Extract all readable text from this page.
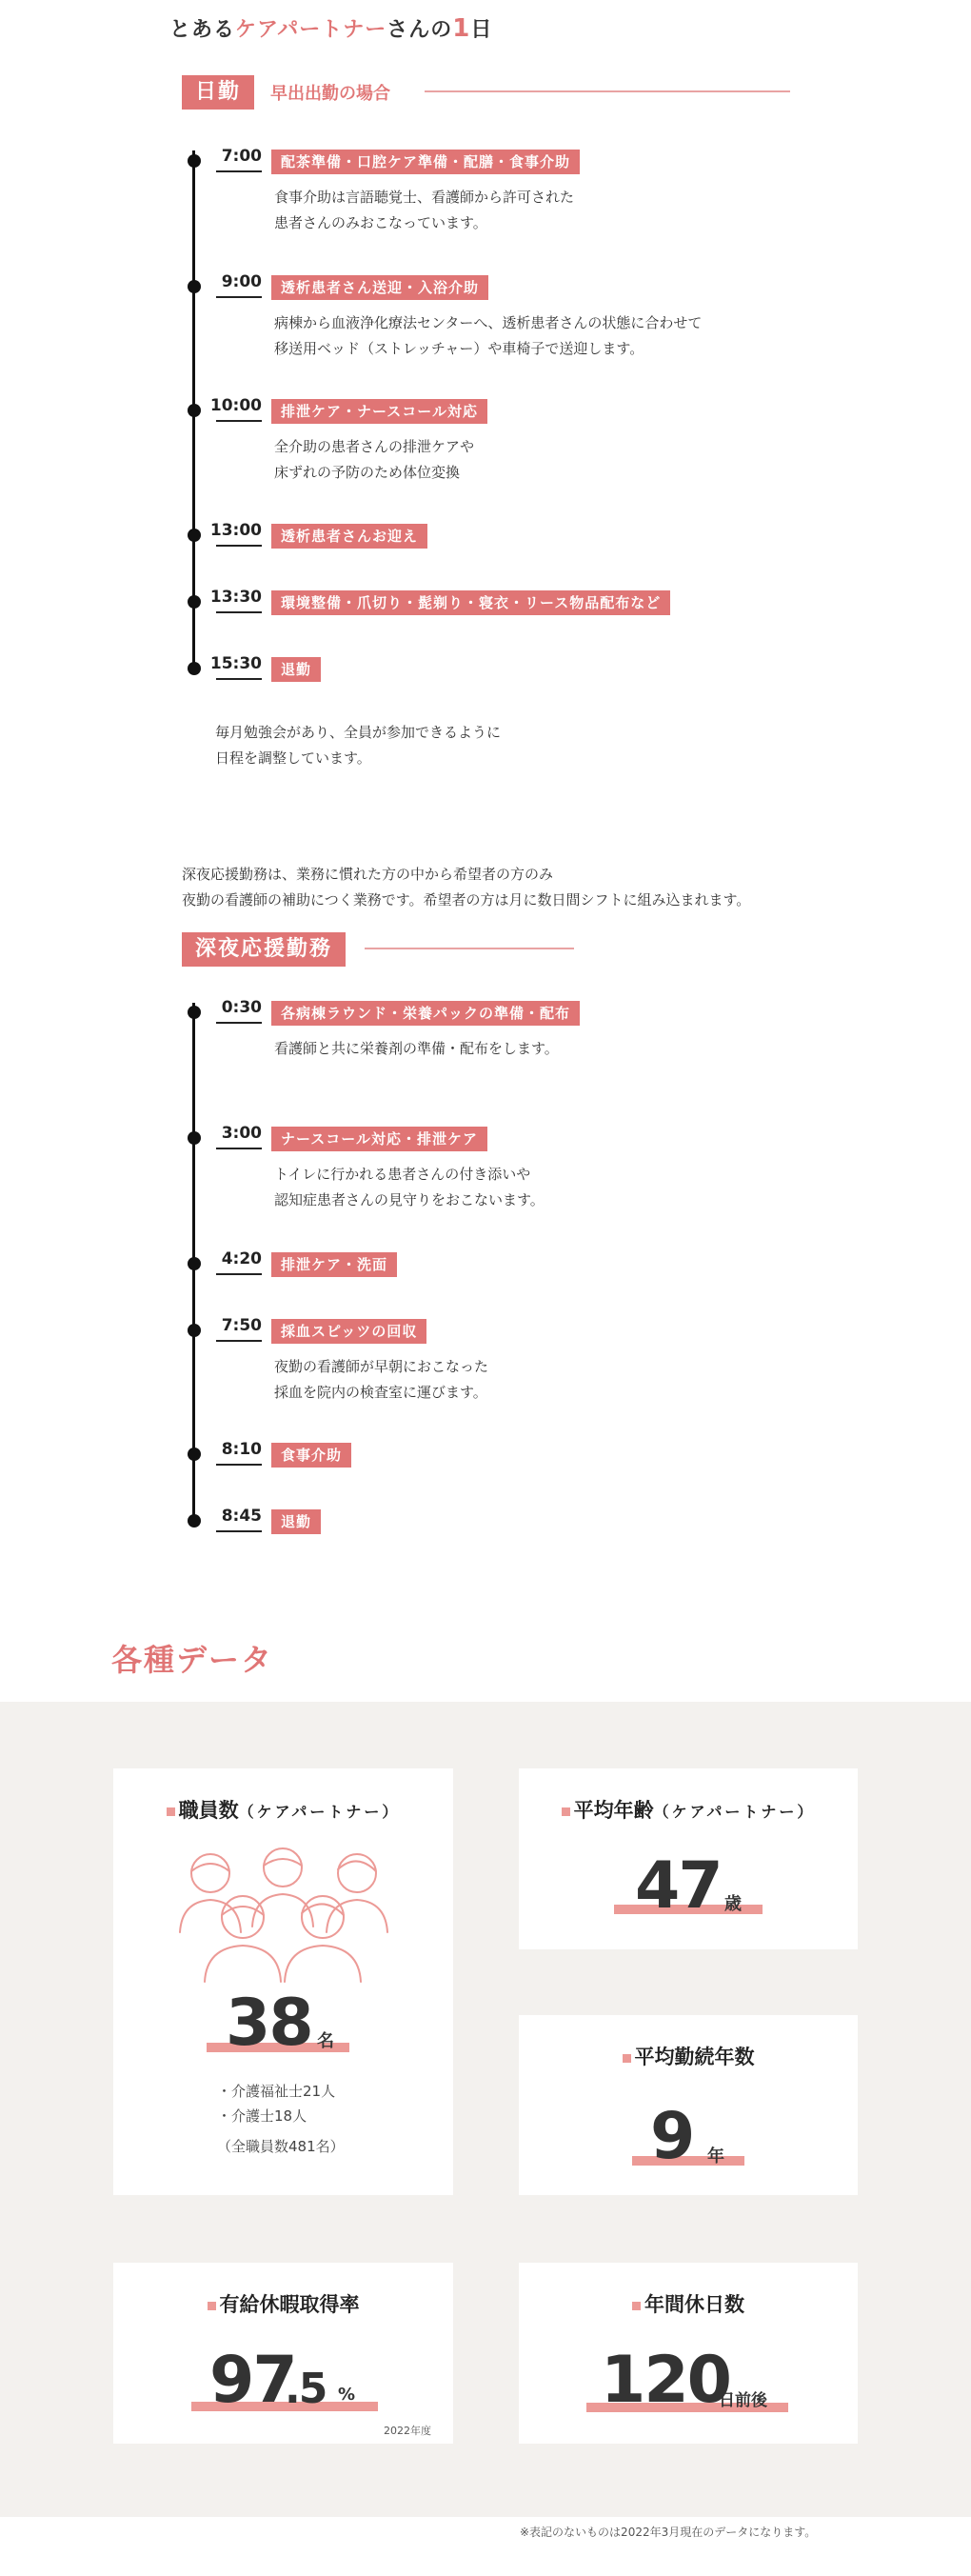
とあるケアパートナーさんの1日
日勤	早出出勤の場合
7:00	配茶準備・口腔ケア準備・配膳・食事介助
食事介助は言語聴覚士、看護師から許可された
患者さんのみおこなっています。
9:00	透析患者さん送迎・入浴介助
病棟から血液浄化療法センターへ、透析患者さんの状態に合わせて
移送用ベッド（ストレッチャー）や車椅子で送迎します。
10:00	排泄ケア・ナースコール対応
全介助の患者さんの排泄ケアや
床ずれの予防のため体位変換
13:00	透析患者さんお迎え
13:30	環境整備・爪切り・髭剃り・寝衣・リース物品配布など
15:30	退勤
毎月勉強会があり、全員が参加できるように
日程を調整しています。
深夜応援勤務は、業務に慣れた方の中から希望者の方のみ
夜勤の看護師の補助につく業務です。希望者の方は月に数日間シフトに組み込まれます。
深夜応援勤務
0:30	各病棟ラウンド・栄養パックの準備・配布
看護師と共に栄養剤の準備・配布をします。
3:00	ナースコール対応・排泄ケア
トイレに行かれる患者さんの付き添いや
認知症患者さんの見守りをおこないます。
4:20	排泄ケア・洗面
7:50	採血スピッツの回収
夜勤の看護師が早朝におこなった
採血を院内の検査室に運びます。
8:10	食事介助
8:45	退勤
各種データ
職員数（ケアパートナー）
38 名
・介護福祉士21人
・介護士18人
（全職員数481名）
平均年齢（ケアパートナー）
47 歳
平均勤続年数
9 年
有給休暇取得率
97
.5 %
2022年度
年間休日数
120
日前後
※表記のないものは2022年3月現在のデータになります。
